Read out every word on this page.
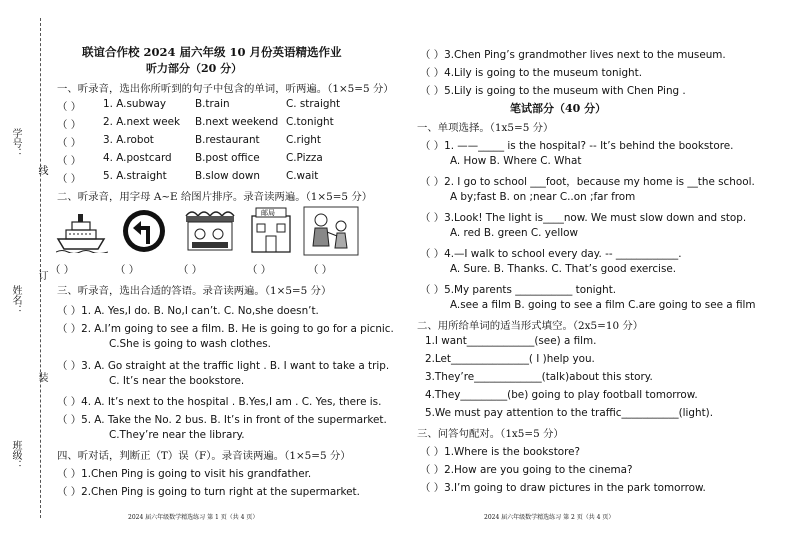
学号：
线
姓名：
订
装
班级：
联谊合作校 2024 届六年级 10 月份英语精选作业
听力部分（20 分）
一、听录音，选出你所听到的句子中包含的单词，听两遍。（1×5=5 分）
（ ） 1. A.subway	B.train	C. straight
（ ） 2. A.next week B.next weekend C.tonight
（ ） 3. A.robot	B.restaurant	C.right
（ ） 4. A.postcard B.post office	C.Pizza
（ ） 5. A.straight	B.slow down	C.wait
二、听录音，用字母 A~E 给图片排序。录音读两遍。（1×5=5 分）
邮局
（ ）	（ ）	（ ）	（ ）	（ ）
三、听录音，选出合适的答语。录音读两遍。（1×5=5 分）
（ ）1. A. Yes,I do. B. No,I can’t. C. No,she doesn’t.
（ ）2. A.I’m going to see a film. B. He is going to go for a picnic.
C.She is going to wash clothes.
（ ）3. A. Go straight at the traffic light . B. I want to take a trip.
C. It’s near the bookstore.
（ ）4. A. It’s next to the hospital . B.Yes,I am . C. Yes, there is.
（ ）5. A. Take the No. 2 bus. B. It’s in front of the supermarket.
C.They’re near the library.
四、听对话，判断正（T）误（F）。录音读两遍。（1×5=5 分）
（ ）1.Chen Ping is going to visit his grandfather.
（ ）2.Chen Ping is going to turn right at the supermarket.
2024 届六年级数学精选练习 第 1 页（共 4 页）
（ ）3.Chen Ping’s grandmother lives next to the museum.
（ ）4.Lily is going to the museum tonight.
（ ）5.Lily is going to the museum with Chen Ping .
笔试部分（40 分）
一、单项选择。（1x5=5 分）
（ ）1. ——_____ is the hospital? -- It’s behind the bookstore.
A. How B. Where C. What
（ ）2. I go to school ___foot，because my home is __the school.
A by;fast B. on ;near C..on ;far from
（ ）3.Look! The light is____now. We must slow down and stop.
A. red B. green C. yellow
（ ）4.—I walk to school every day. -- ____________.
A. Sure. B. Thanks. C. That’s good exercise.
（ ）5.My parents ___________ tonight.
A.see a film B. going to see a film C.are going to see a film
二、用所给单词的适当形式填空。（2x5=10 分）
1.I want_____________(see) a film.
2.Let_______________( I )help you.
3.They’re_____________(talk)about this story.
4.They_________(be) going to play football tomorrow.
5.We must pay attention to the traffic___________(light).
三、问答句配对。（1x5=5 分）
（ ）1.Where is the bookstore?
（ ）2.How are you going to the cinema?
（ ）3.I’m going to draw pictures in the park tomorrow.
2024 届六年级数学精选练习 第 2 页（共 4 页）
